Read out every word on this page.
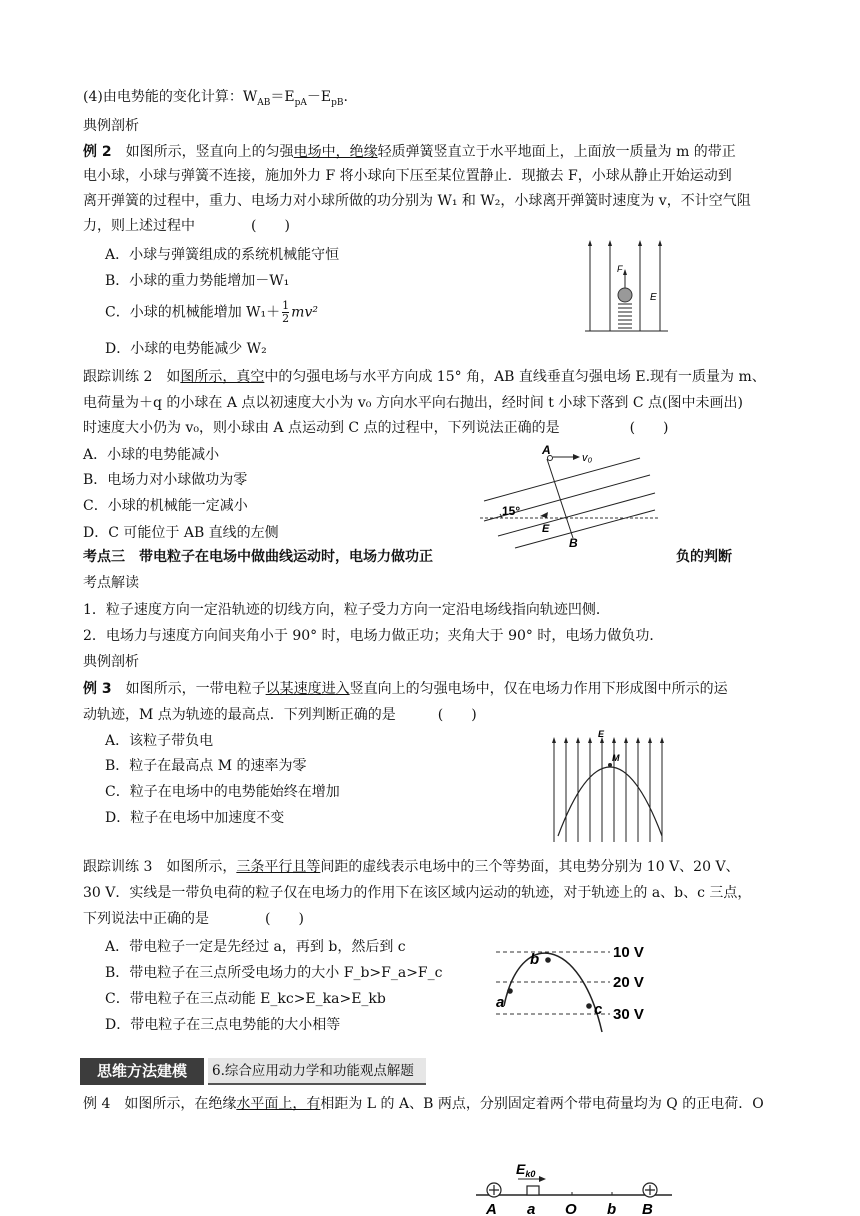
(4)由电势能的变化计算：$W_{AB}=E_{pA}-E_{pB}$.
典例剖析
例 2　如图所示，竖直向上的匀强电场中，绝缘轻质弹簧竖直立于水平地面上，上面放一质量为 m 的带正
电小球，小球与弹簧不连接，施加外力 F 将小球向下压至某位置静止．现撤去 F，小球从静止开始运动到
离开弹簧的过程中，重力、电场力对小球所做的功分别为 W₁ 和 W₂，小球离开弹簧时速度为 v，不计空气阻
力，则上述过程中　　　　(　　)
A．小球与弹簧组成的系统机械能守恒
B．小球的重力势能增加－W₁
C．小球的机械能增加 $W_1+ \frac{1}{2} mv^2$
D．小球的电势能减少 W₂
F
E
跟踪训练 2　如图所示，真空中的匀强电场与水平方向成 15° 角，AB 直线垂直匀强电场 E.现有一质量为 m、
电荷量为＋q 的小球在 A 点以初速度大小为 v₀ 方向水平向右抛出，经时间 t 小球下落到 C 点(图中未画出)
时速度大小仍为 v₀，则小球由 A 点运动到 C 点的过程中，下列说法正确的是　　　　　(　　)
A．小球的电势能减小
B．电场力对小球做功为零
C．小球的机械能一定减小
D．C 可能位于 AB 直线的左侧
A
v₀
15°
E
B
考点三　带电粒子在电场中做曲线运动时，电场力做功正	负的判断
考点解读
1．粒子速度方向一定沿轨迹的切线方向，粒子受力方向一定沿电场线指向轨迹凹侧．
2．电场力与速度方向间夹角小于 90° 时，电场力做正功；夹角大于 90° 时，电场力做负功．
典例剖析
例 3　如图所示，一带电粒子以某速度进入竖直向上的匀强电场中，仅在电场力作用下形成图中所示的运
动轨迹，M 点为轨迹的最高点．下列判断正确的是　　　(　　)
A．该粒子带负电
B．粒子在最高点 M 的速率为零
C．粒子在电场中的电势能始终在增加
D．粒子在电场中加速度不变
E
M
跟踪训练 3　如图所示，三条平行且等间距的虚线表示电场中的三个等势面，其电势分别为 10 V、20 V、
30 V．实线是一带负电荷的粒子仅在电场力的作用下在该区域内运动的轨迹，对于轨迹上的 a、b、c 三点，
下列说法中正确的是　　　　(　　)
A．带电粒子一定是先经过 a，再到 b，然后到 c
B．带电粒子在三点所受电场力的大小 F_b>F_a>F_c
C．带电粒子在三点动能 E_kc>E_ka>E_kb
D．带电粒子在三点电势能的大小相等
10 V
20 V
30 V
a
b
c
思维方法建模	6.综合应用动力学和功能观点解题
例 4　如图所示，在绝缘水平面上，有相距为 L 的 A、B 两点，分别固定着两个带电荷量均为 Q 的正电荷．O
$E_{k0}$
A a O b B
